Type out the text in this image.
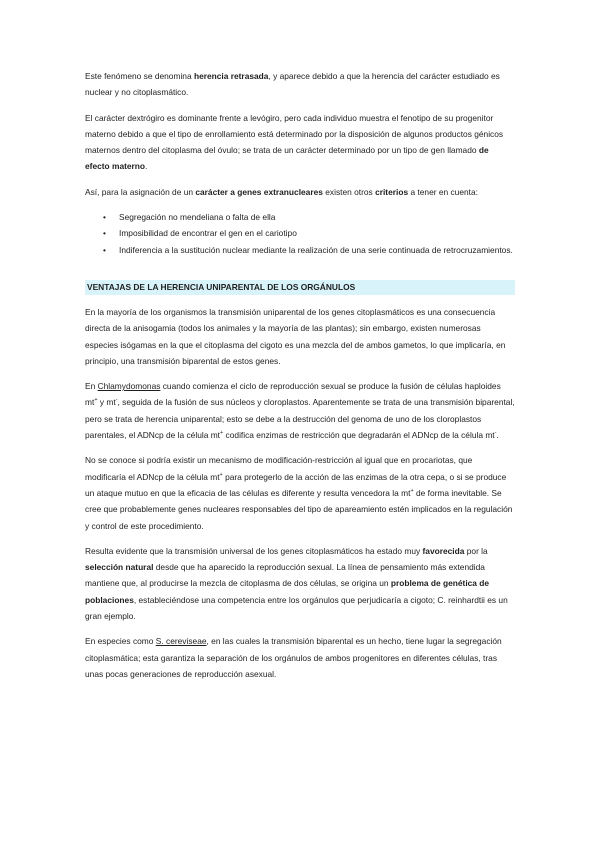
Este fenómeno se denomina herencia retrasada, y aparece debido a que la herencia del carácter estudiado es nuclear y no citoplasmático.

El carácter dextrógiro es dominante frente a levógiro, pero cada individuo muestra el fenotipo de su progenitor materno debido a que el tipo de enrollamiento está determinado por la disposición de algunos productos génicos maternos dentro del citoplasma del óvulo; se trata de un carácter determinado por un tipo de gen llamado de efecto materno.

Así, para la asignación de un carácter a genes extranucleares existen otros criterios a tener en cuenta:

• Segregación no mendeliana o falta de ella
• Imposibilidad de encontrar el gen en el cariotipo
• Indiferencia a la sustitución nuclear mediante la realización de una serie continuada de retrocruzamientos.
VENTAJAS DE LA HERENCIA UNIPARENTAL DE LOS ORGÁNULOS

En la mayoría de los organismos la transmisión uniparental de los genes citoplasmáticos es una consecuencia directa de la anisogamia (todos los animales y la mayoría de las plantas); sin embargo, existen numerosas especies isógamas en la que el citoplasma del cigoto es una mezcla del de ambos gametos, lo que implicaría, en principio, una transmisión biparental de estos genes.

En Chlamydomonas cuando comienza el ciclo de reproducción sexual se produce la fusión de células haploides mt+ y mt-, seguida de la fusión de sus núcleos y cloroplastos. Aparentemente se trata de una transmisión biparental, pero se trata de herencia uniparental; esto se debe a la destrucción del genoma de uno de los cloroplastos parentales, el ADNcp de la célula mt+ codifica enzimas de restricción que degradarán el ADNcp de la célula mt-.

No se conoce si podría existir un mecanismo de modificación-restricción al igual que en procariotas, que modificaría el ADNcp de la célula mt+ para protegerlo de la acción de las enzimas de la otra cepa, o si se produce un ataque mutuo en que la eficacia de las células es diferente y resulta vencedora la mt+ de forma inevitable. Se cree que probablemente genes nucleares responsables del tipo de apareamiento estén implicados en la regulación y control de este procedimiento.

Resulta evidente que la transmisión universal de los genes citoplasmáticos ha estado muy favorecida por la selección natural desde que ha aparecido la reproducción sexual. La línea de pensamiento más extendida mantiene que, al producirse la mezcla de citoplasma de dos células, se origina un problema de genética de poblaciones, estableciéndose una competencia entre los orgánulos que perjudicaría a cigoto; C. reinhardtii es un gran ejemplo.

En especies como S. cereviseae, en las cuales la transmisión biparental es un hecho, tiene lugar la segregación citoplasmática; esta garantiza la separación de los orgánulos de ambos progenitores en diferentes células, tras unas pocas generaciones de reproducción asexual.
